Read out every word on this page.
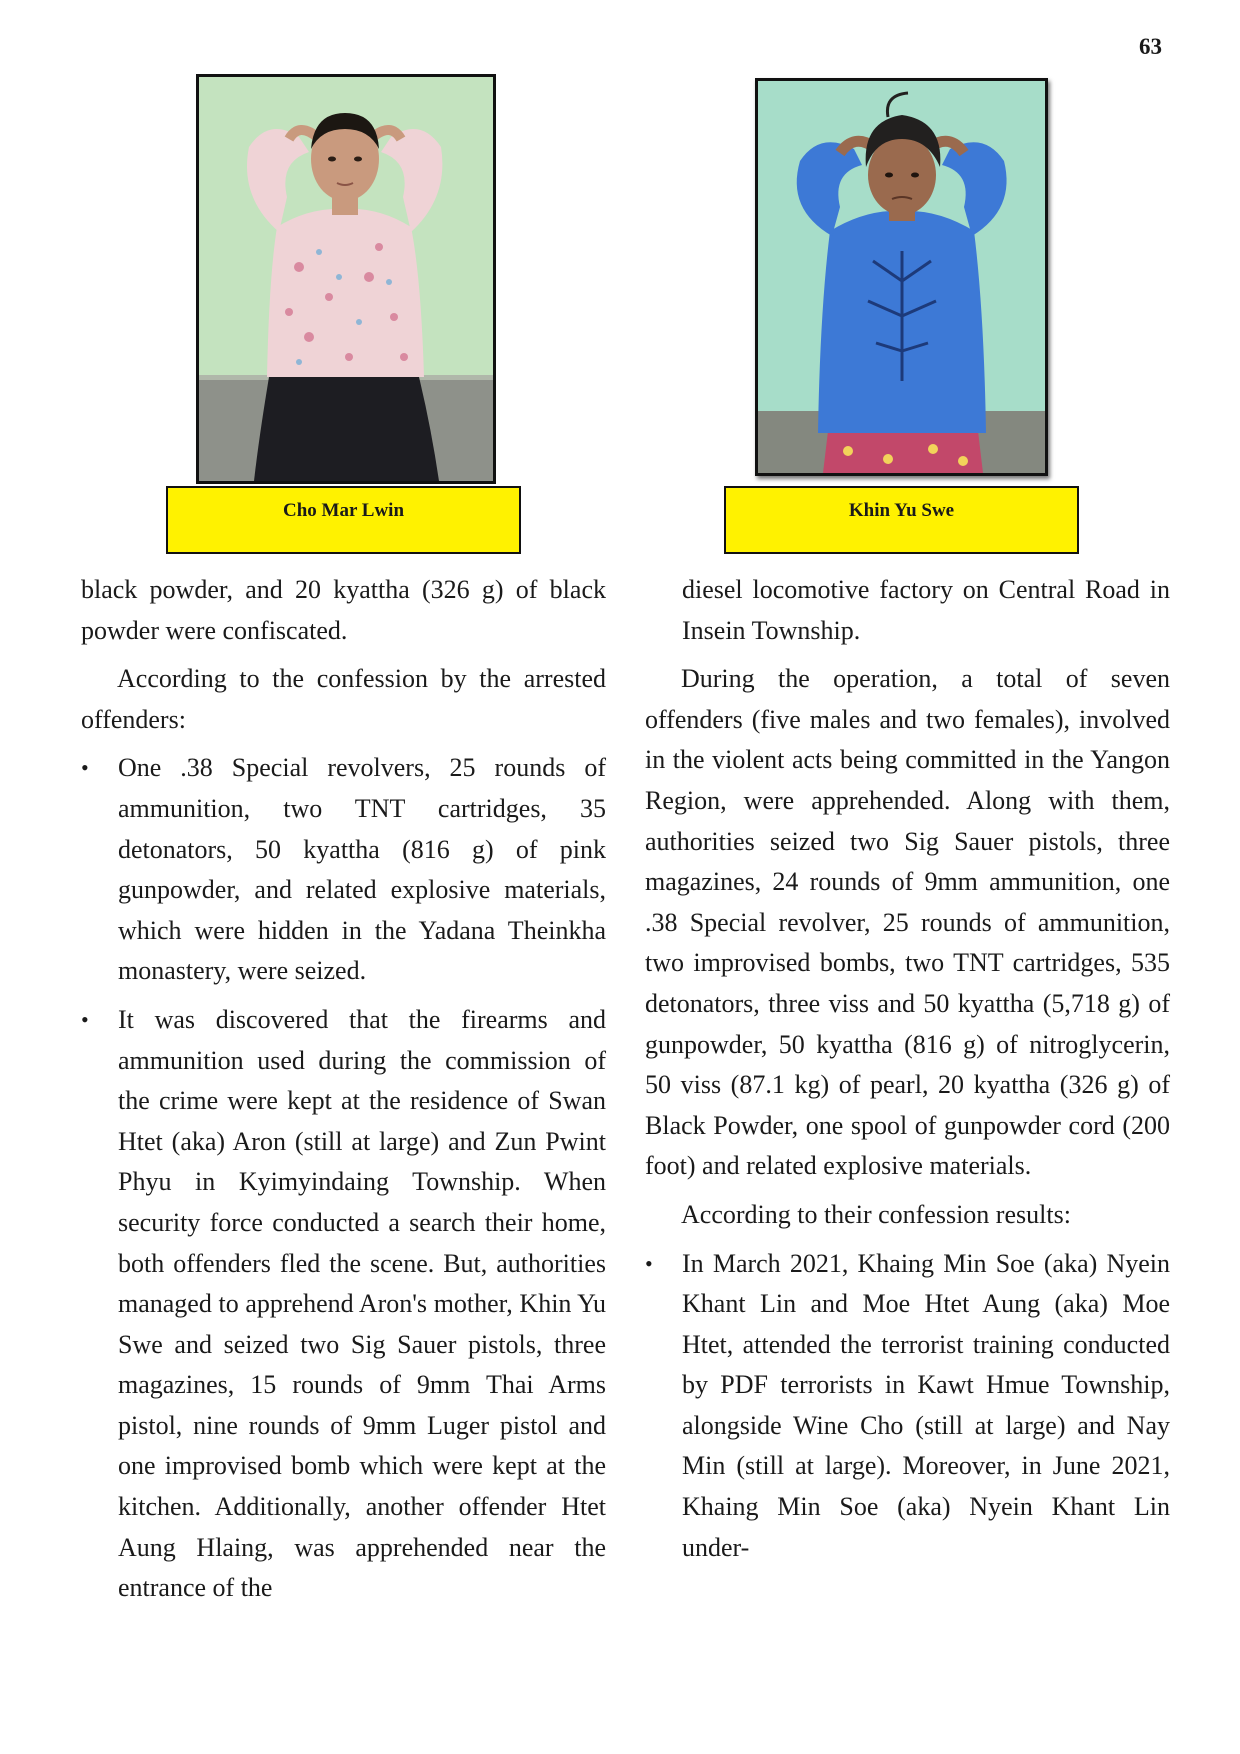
63
Cho Mar Lwin	Khin Yu Swe

black powder, and 20 kyattha (326 g) of black powder were confiscated.

According to the confession by the arrested offenders:

•	One .38 Special revolvers, 25 rounds of ammunition, two TNT cartridges, 35 detonators, 50 kyattha (816 g) of pink gunpowder, and related explosive materials, which were hidden in the Yadana Theinkha monastery, were seized.
•	It was discovered that the firearms and ammunition used during the commission of the crime were kept at the residence of Swan Htet (aka) Aron (still at large) and Zun Pwint Phyu in Kyimyindaing Township. When security force conducted a search their home, both offenders fled the scene. But, authorities managed to apprehend Aron's mother, Khin Yu Swe and seized two Sig Sauer pistols, three magazines, 15 rounds of 9mm Thai Arms pistol, nine rounds of 9mm Luger pistol and one improvised bomb which were kept at the kitchen. Additionally, another offender Htet Aung Hlaing, was apprehended near the entrance of the

diesel locomotive factory on Central Road in Insein Township.

During the operation, a total of seven offenders (five males and two females), involved in the violent acts being committed in the Yangon Region, were apprehended. Along with them, authorities seized two Sig Sauer pistols, three magazines, 24 rounds of 9mm ammunition, one .38 Special revolver, 25 rounds of ammunition, two improvised bombs, two TNT cartridges, 535 detonators, three viss and 50 kyattha (5,718 g) of gunpowder, 50 kyattha (816 g) of nitroglycerin, 50 viss (87.1 kg) of pearl, 20 kyattha (326 g) of Black Powder, one spool of gunpowder cord (200 foot) and related explosive materials.

According to their confession results:

•	In March 2021, Khaing Min Soe (aka) Nyein Khant Lin and Moe Htet Aung (aka) Moe Htet, attended the terrorist training conducted by PDF terrorists in Kawt Hmue Township, alongside Wine Cho (still at large) and Nay Min (still at large). Moreover, in June 2021, Khaing Min Soe (aka) Nyein Khant Lin under-
